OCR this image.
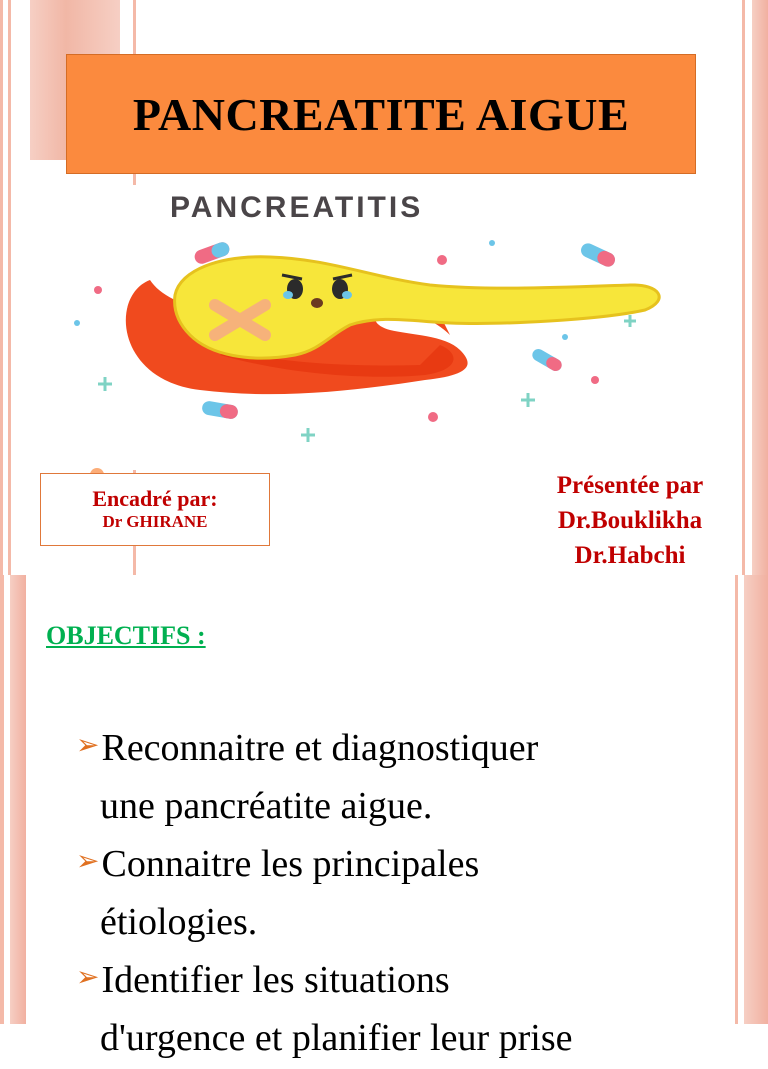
PANCREATITIS
PANCREATITE AIGUE
Encadré par:
Dr GHIRANE
Présentée par
Dr.Bouklikha
Dr.Habchi
OBJECTIFS :
➢Reconnaitre et diagnostiquer
une pancréatite aigue.
➢Connaitre les principales
étiologies.
➢Identifier les situations
d'urgence et planifier leur prise
